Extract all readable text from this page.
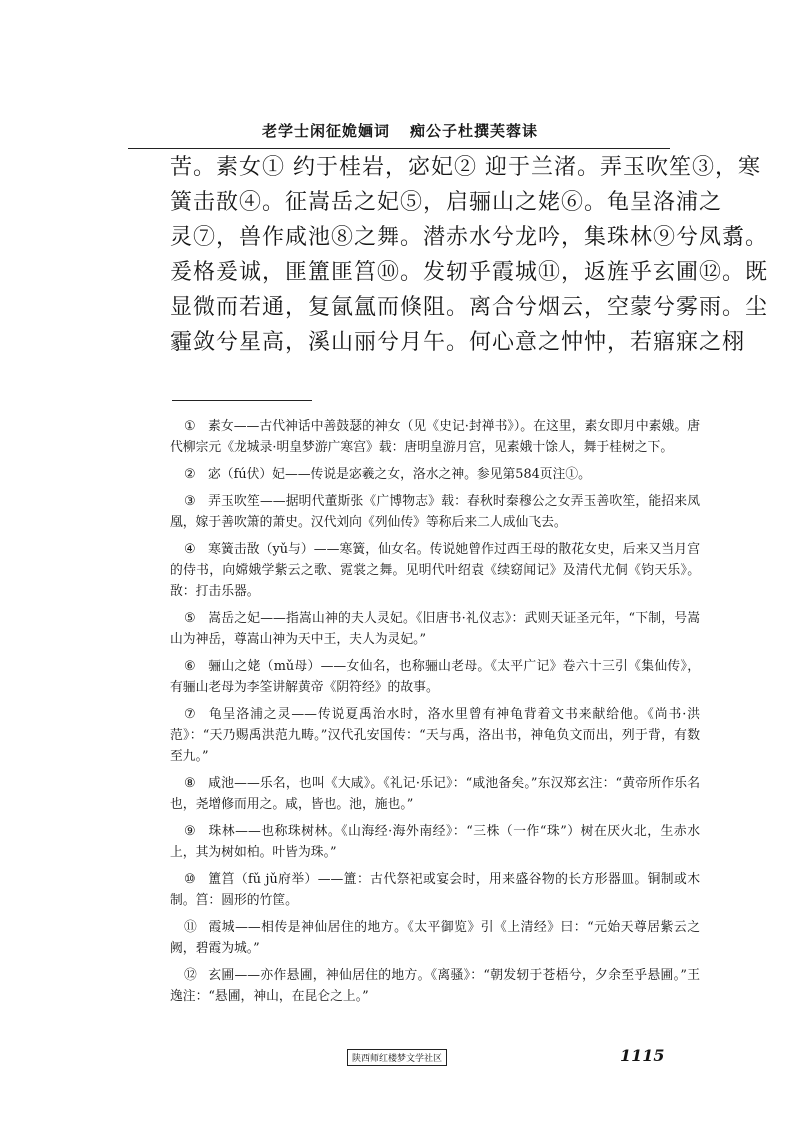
老学士闲征姽婳词 痴公子杜撰芙蓉诔
苦。素女① 约于桂岩，宓妃② 迎于兰渚。弄玉吹笙③，寒
簧击敔④。征嵩岳之妃⑤，启骊山之姥⑥。龟呈洛浦之
灵⑦，兽作咸池⑧之舞。潜赤水兮龙吟，集珠林⑨兮凤翥。
爰格爰诚，匪簠匪筥⑩。发轫乎霞城⑪，返旌乎玄圃⑫。既
显微而若通，复氤氲而倏阻。离合兮烟云，空蒙兮雾雨。尘
霾敛兮星高，溪山丽兮月午。何心意之忡忡，若寤寐之栩
① 素女——古代神话中善鼓瑟的神女（见《史记·封禅书》）。在这里，素女即月中素娥。唐代柳宗元《龙城录·明皇梦游广寒宫》载：唐明皇游月宫，见素娥十馀人，舞于桂树之下。
② 宓（fú伏）妃——传说是宓羲之女，洛水之神。参见第584页注①。
③ 弄玉吹笙——据明代董斯张《广博物志》载：春秋时秦穆公之女弄玉善吹笙，能招来凤凰，嫁于善吹箫的萧史。汉代刘向《列仙传》等称后来二人成仙飞去。
④ 寒簧击敔（yǔ与）——寒簧，仙女名。传说她曾作过西王母的散花女史，后来又当月宫的侍书，向嫦娥学紫云之歌、霓裳之舞。见明代叶绍袁《续窈闻记》及清代尤侗《钧天乐》。敔：打击乐器。
⑤ 嵩岳之妃——指嵩山神的夫人灵妃。《旧唐书·礼仪志》：武则天证圣元年，“下制，号嵩山为神岳，尊嵩山神为天中王，夫人为灵妃。”
⑥ 骊山之姥（mǔ母）——女仙名，也称骊山老母。《太平广记》卷六十三引《集仙传》，有骊山老母为李筌讲解黄帝《阴符经》的故事。
⑦ 龟呈洛浦之灵——传说夏禹治水时，洛水里曾有神龟背着文书来献给他。《尚书·洪范》：“天乃赐禹洪范九畴。”汉代孔安国传：“天与禹，洛出书，神龟负文而出，列于背，有数至九。”
⑧ 咸池——乐名，也叫《大咸》。《礼记·乐记》：“咸池备矣。”东汉郑玄注：“黄帝所作乐名也，尧增修而用之。咸，皆也。池，施也。”
⑨ 珠林——也称珠树林。《山海经·海外南经》：“三株（一作“珠”）树在厌火北，生赤水上，其为树如柏。叶皆为珠。”
⑩ 簠筥（fǔ jǔ府举）——簠：古代祭祀或宴会时，用来盛谷物的长方形器皿。铜制或木制。筥：圆形的竹筐。
⑪ 霞城——相传是神仙居住的地方。《太平御览》引《上清经》曰：“元始天尊居紫云之阙，碧霞为城。”
⑫ 玄圃——亦作悬圃，神仙居住的地方。《离骚》：“朝发轫于苍梧兮，夕余至乎悬圃。”王逸注：“悬圃，神山，在昆仑之上。”
陕西师红楼梦文学社区	1115
